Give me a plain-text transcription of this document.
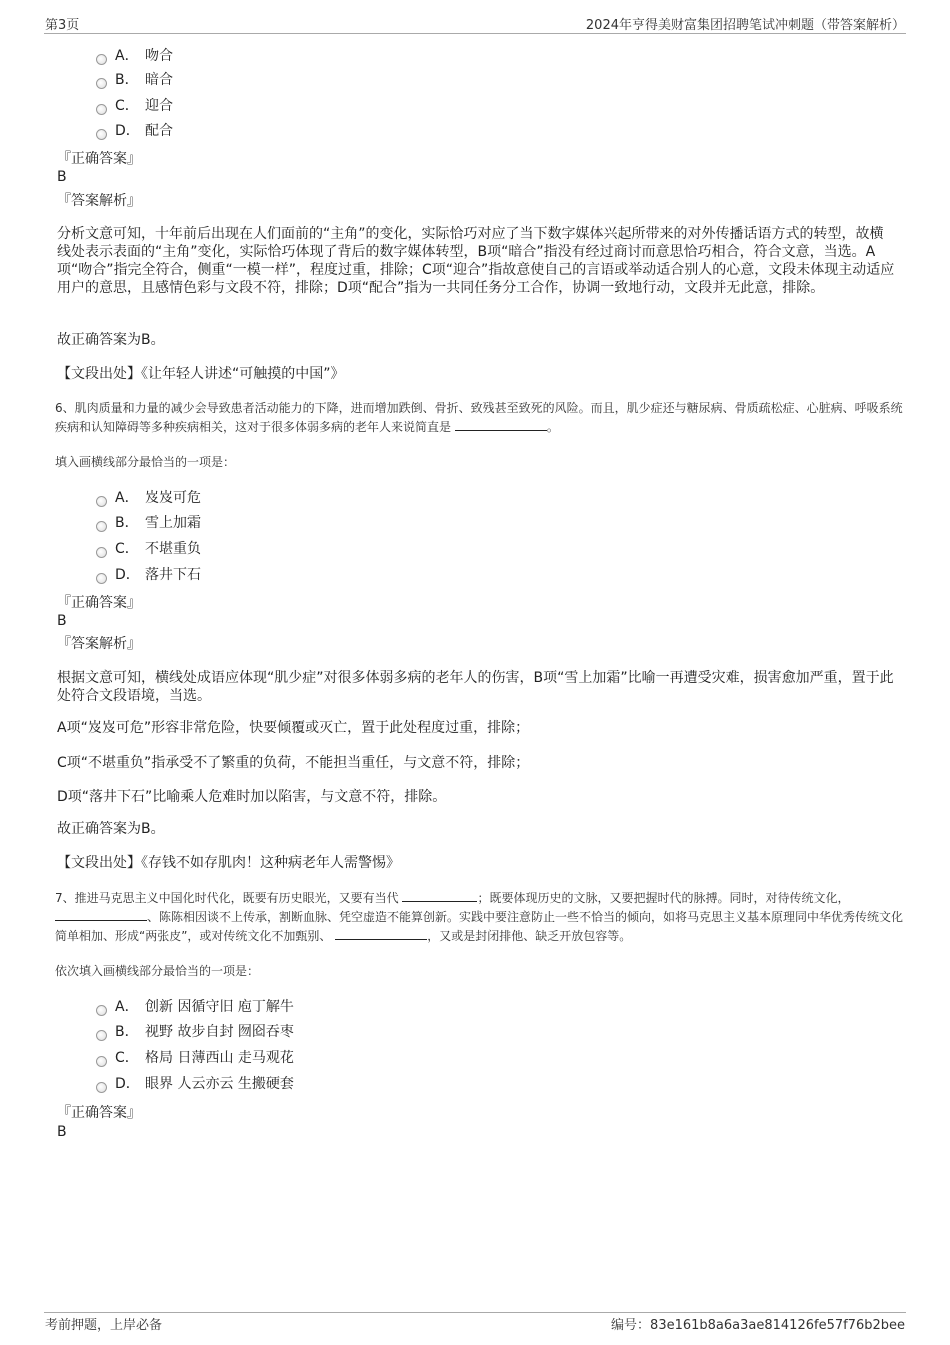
第3页	2024年亨得美财富集团招聘笔试冲刺题（带答案解析）
A． 吻合
B． 暗合
C． 迎合
D． 配合
『正确答案』
B
『答案解析』
分析文意可知，十年前后出现在人们面前的“主角”的变化，实际恰巧对应了当下数字媒体兴起所带来的对外传播话语方式的转型，故横线处表示表面的“主角”变化，实际恰巧体现了背后的数字媒体转型，B项“暗合”指没有经过商讨而意思恰巧相合，符合文意，当选。A项“吻合”指完全符合，侧重“一模一样”，程度过重，排除；C项“迎合”指故意使自己的言语或举动适合别人的心意，文段未体现主动适应用户的意思，且感情色彩与文段不符，排除；D项“配合”指为一共同任务分工合作，协调一致地行动，文段并无此意，排除。
故正确答案为B。
【文段出处】《让年轻人讲述“可触摸的中国”》
6、肌肉质量和力量的减少会导致患者活动能力的下降，进而增加跌倒、骨折、致残甚至致死的风险。而且，肌少症还与糖尿病、骨质疏松症、心脏病、呼吸系统疾病和认知障碍等多种疾病相关，这对于很多体弱多病的老年人来说简直是	。
填入画横线部分最恰当的一项是：
A． 岌岌可危
B． 雪上加霜
C． 不堪重负
D． 落井下石
『正确答案』
B
『答案解析』
根据文意可知，横线处成语应体现“肌少症”对很多体弱多病的老年人的伤害，B项“雪上加霜”比喻一再遭受灾难，损害愈加严重，置于此处符合文段语境，当选。
A项“岌岌可危”形容非常危险，快要倾覆或灭亡，置于此处程度过重，排除；
C项“不堪重负”指承受不了繁重的负荷，不能担当重任，与文意不符，排除；
D项“落井下石”比喻乘人危难时加以陷害，与文意不符，排除。
故正确答案为B。
【文段出处】《存钱不如存肌肉！这种病老年人需警惕》
7、推进马克思主义中国化时代化，既要有历史眼光，又要有当代	；既要体现历史的文脉，又要把握时代的脉搏。同时，对待传统文化， 、陈陈相因谈不上传承，割断血脉、凭空虚造不能算创新。实践中要注意防止一些不恰当的倾向，如将马克思主义基本原理同中华优秀传统文化简单相加、形成“两张皮”，或对传统文化不加甄别、	，又或是封闭排他、缺乏开放包容等。
依次填入画横线部分最恰当的一项是：
A． 创新 因循守旧 庖丁解牛
B． 视野 故步自封 囫囵吞枣
C． 格局 日薄西山 走马观花
D． 眼界 人云亦云 生搬硬套
『正确答案』
B
考前押题，上岸必备	编号：83e161b8a6a3ae814126fe57f76b2bee
